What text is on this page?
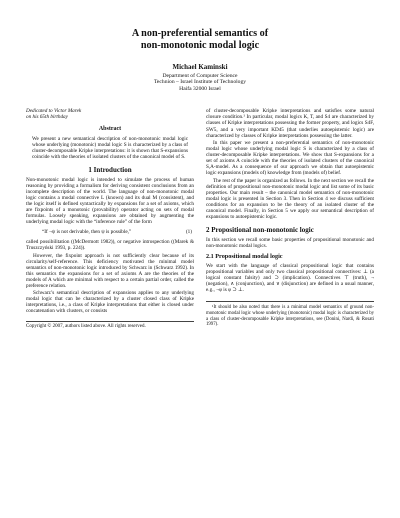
A non-preferential semantics of
non-monotonic modal logic
Michael Kaminski
Department of Computer Science
Technion – Israel Institute of Technology
Haifa 32000 Israel
Dedicated to Victor Marek
on his 65th birthday
Abstract

We present a new semantical description of non-monotonic modal logic whose underlying (monotonic) modal logic S is characterized by a class of cluster-decomposable Kripke interpretations: it is shown that S-expansions coincide with the theories of isolated clusters of the canonical model of S.

1 Introduction

Non-monotonic modal logic is intended to simulate the process of human reasoning by providing a formalism for deriving consistent conclusions from an incomplete description of the world. The language of non-monotonic modal logic contains a modal connective L (known) and its dual M (consistent), and the logic itself is defined syntactically by expansions for a set of axioms, which are fixpoints of a monotonic (provability) operator acting on sets of modal formulas. Loosely speaking, expansions are obtained by augmenting the underlying modal logic with the “inference rule” of the form

“If ¬ψ is not derivable, then ψ is possible,”	(1)

called possibilitation ((McDermott 1982)), or negative introspection ((Marek & Truszczyński 1993, p. 224)).

However, the fixpoint approach is not sufficiently clear because of its circularity/self-reference. This deficiency motivated the minimal model semantics of non-monotonic logic introduced by Schwarz in (Schwarz 1992). In this semantics the expansions for a set of axioms A are the theories of the models of A which are minimal with respect to a certain partial order, called the preference relation.

Schwarz’s semantical description of expansions applies to any underlying modal logic that can be characterized by a cluster closed class of Kripke interpretations, i.e., a class of Kripke interpretations that either is closed under concatenation with clusters, or consists

Copyright © 2007, authors listed above. All rights reserved.

of cluster-decomposable Kripke interpretations and satisfies some natural closure condition.¹ In particular, modal logics K, T, and S4 are characterized by classes of Kripke interpretations possessing the former property, and logics S4F, SW5, and a very important KD45 (that underlies autoepistemic logic) are characterized by classes of Kripke interpretations possessing the latter.

In this paper we present a non-preferential semantics of non-monotonic modal logic whose underlying modal logic S is characterized by a class of cluster-decomposable Kripke interpretations. We show that S-expansions for a set of axioms A coincide with the theories of isolated clusters of the canonical S,A-model. As a consequence of our approach we obtain that autoepistemic logic expansions (models of) knowledge from (models of) belief.

The rest of the paper is organized as follows. In the next section we recall the definition of propositional non-monotonic modal logic and list some of its basic properties. Our main result – the canonical model semantics of non-monotonic modal logic is presented in Section 3. Then in Section 4 we discuss sufficient conditions for an expansion to be the theory of an isolated cluster of the canonical model. Finally, in Section 5 we apply our semantical description of expansions to autoepistemic logic.

2 Propositional non-monotonic logic

In this section we recall some basic properties of propositional monotonic and non-monotonic modal logics.

2.1 Propositional modal logic

We start with the language of classical propositional logic that contains propositional variables and only two classical propositional connectives: ⊥ (a logical constant falsity) and ⊃ (implication). Connectives ⊤ (truth), ¬ (negation), ∧ (conjunction), and ∨ (disjunction) are defined in a usual manner, e.g., ¬φ is φ ⊃ ⊥.

¹It should be also noted that there is a minimal model semantics of ground non-monotonic modal logic whose underlying (monotonic) modal logic is characterized by a class of cluster-decomposable Kripke interpretations, see (Donini, Nardi, & Rosati 1997).
